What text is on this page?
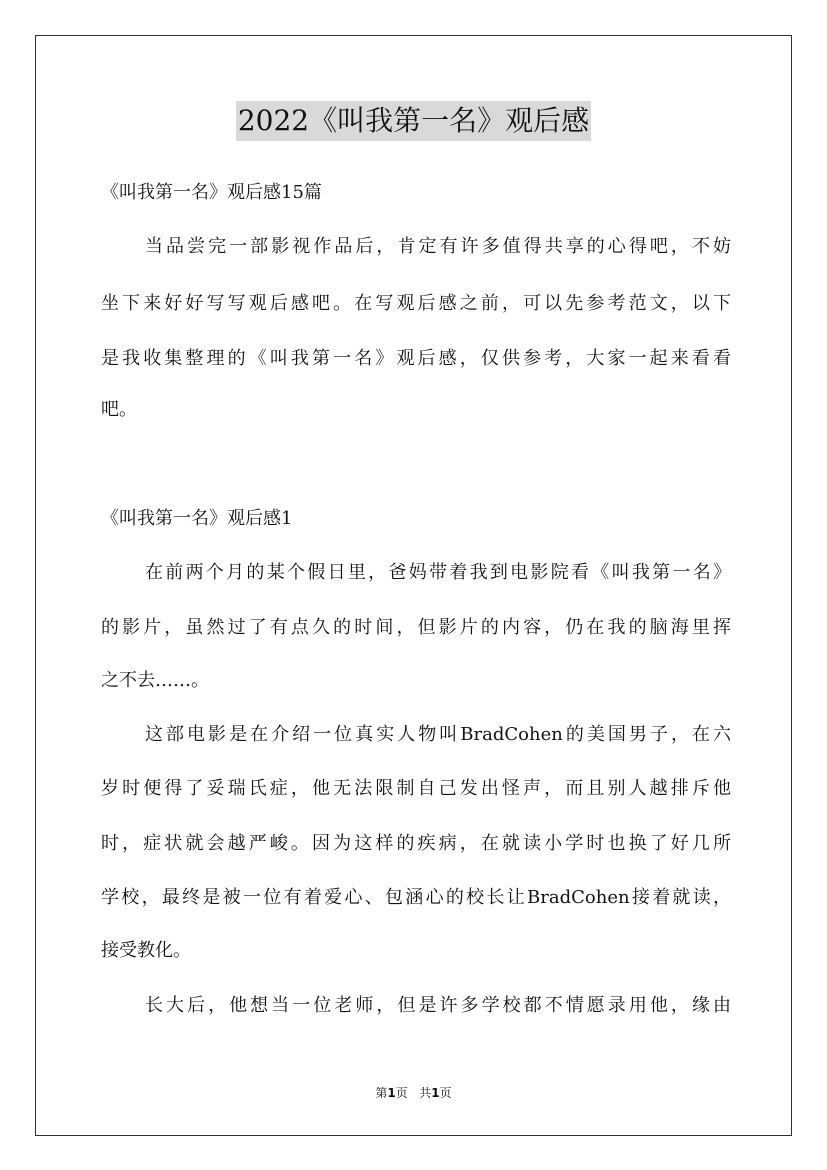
2022《叫我第一名》观后感
《叫我第一名》观后感15篇
当品尝完一部影视作品后，肯定有许多值得共享的心得吧，不妨
坐下来好好写写观后感吧。在写观后感之前，可以先参考范文，以下
是我收集整理的《叫我第一名》观后感，仅供参考，大家一起来看看
吧。
《叫我第一名》观后感1
在前两个月的某个假日里，爸妈带着我到电影院看《叫我第一名》
的影片，虽然过了有点久的时间，但影片的内容，仍在我的脑海里挥
之不去……。
这部电影是在介绍一位真实人物叫BradCohen的美国男子，在六
岁时便得了妥瑞氏症，他无法限制自己发出怪声，而且别人越排斥他
时，症状就会越严峻。因为这样的疾病，在就读小学时也换了好几所
学校，最终是被一位有着爱心、包涵心的校长让BradCohen接着就读，
接受教化。
长大后，他想当一位老师，但是许多学校都不情愿录用他，缘由
第1页 共1页
